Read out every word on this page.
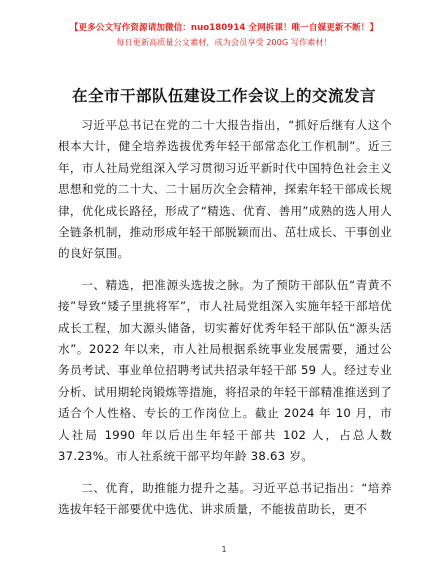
【更多公文写作资源请加微信：nuo180914 全网拆课！唯一自媒更新不断！】
每日更新高质量公文素材，成为会员享受 200G 写作素材！
在全市干部队伍建设工作会议上的交流发言

习近平总书记在党的二十大报告指出，“抓好后继有人这个根本大计，健全培养选拔优秀年轻干部常态化工作机制”。近三年，市人社局党组深入学习贯彻习近平新时代中国特色社会主义思想和党的二十大、二十届历次全会精神，探索年轻干部成长规律，优化成长路径，形成了“精选、优育、善用”成熟的选人用人全链条机制，推动形成年轻干部脱颖而出、茁壮成长、干事创业的良好氛围。

一、精选，把准源头选拔之脉。为了预防干部队伍“青黄不接”导致“矮子里挑将军”，市人社局党组深入实施年轻干部培优成长工程，加大源头储备，切实蓄好优秀年轻干部队伍“源头活水”。2022 年以来，市人社局根据系统事业发展需要，通过公务员考试、事业单位招聘考试共招录年轻干部 59 人。经过专业分析、试用期轮岗锻炼等措施，将招录的年轻干部精准推送到了适合个人性格、专长的工作岗位上。截止 2024 年 10 月，市人社局 1990 年以后出生年轻干部共 102 人，占总人数 37.23%。市人社系统干部平均年龄 38.63 岁。

二、优育，助推能力提升之基。习近平总书记指出：“培养选拔年轻干部要优中选优、讲求质量，不能拔苗助长，更不

1
